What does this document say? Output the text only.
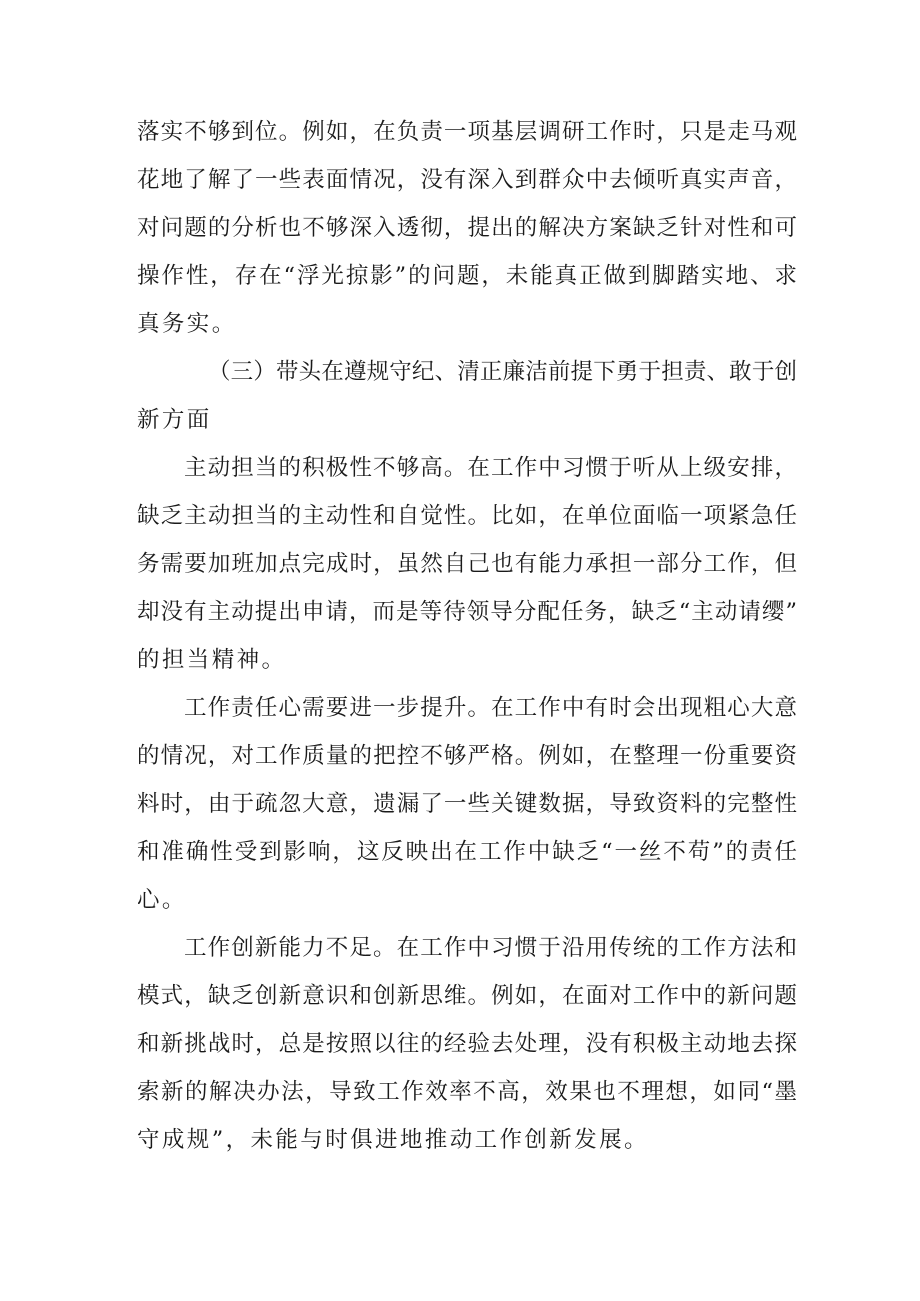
落实不够到位。例如，在负责一项基层调研工作时，只是走马观
花地了解了一些表面情况，没有深入到群众中去倾听真实声音，
对问题的分析也不够深入透彻，提出的解决方案缺乏针对性和可
操作性，存在“浮光掠影”的问题，未能真正做到脚踏实地、求
真务实。
（三）带头在遵规守纪、清正廉洁前提下勇于担责、敢于创
新方面
主动担当的积极性不够高。在工作中习惯于听从上级安排，
缺乏主动担当的主动性和自觉性。比如，在单位面临一项紧急任
务需要加班加点完成时，虽然自己也有能力承担一部分工作，但
却没有主动提出申请，而是等待领导分配任务，缺乏“主动请缨”
的担当精神。
工作责任心需要进一步提升。在工作中有时会出现粗心大意
的情况，对工作质量的把控不够严格。例如，在整理一份重要资
料时，由于疏忽大意，遗漏了一些关键数据，导致资料的完整性
和准确性受到影响，这反映出在工作中缺乏“一丝不苟”的责任
心。
工作创新能力不足。在工作中习惯于沿用传统的工作方法和
模式，缺乏创新意识和创新思维。例如，在面对工作中的新问题
和新挑战时，总是按照以往的经验去处理，没有积极主动地去探
索新的解决办法，导致工作效率不高，效果也不理想，如同“墨
守成规”，未能与时俱进地推动工作创新发展。
